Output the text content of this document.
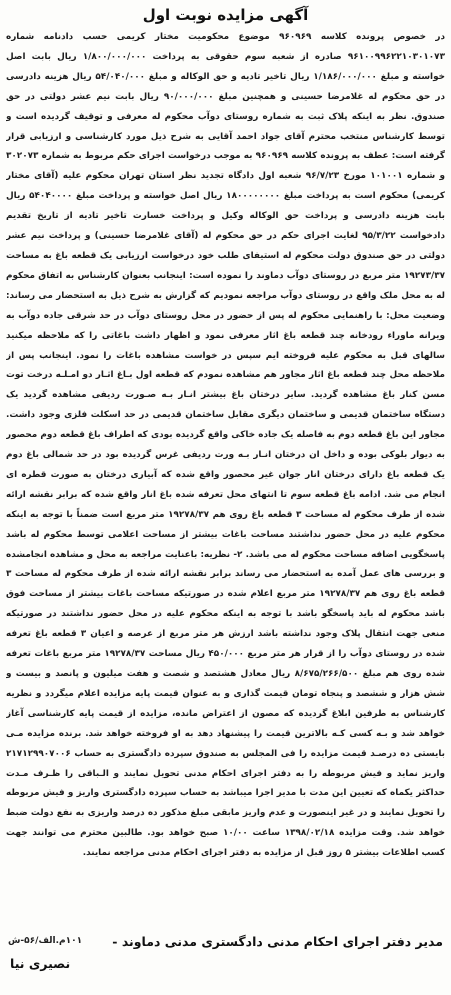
آگهی مزایده نوبت اول

در خصوص پرونده کلاسه ۹۶۰۹۶۹ موضوع محکومیت مختار کریمی حسب دادنامه شماره ۹۶۱۰۰۹۹۶۲۲۱۰۳۰۱۰۷۳ صادره از شعبه سوم حقوقی به پرداخت ۱/۸۰۰/۰۰۰/۰۰۰ ریال بابت اصل خواسته و مبلغ ۱/۱۸۶/۰۰۰/۰۰۰ ریال تاخیر تادیه و حق الوکاله و مبلغ ۵۴/۰۴۰/۰۰۰ ریال هزینه دادرسی در حق محکوم له غلامرضا حسینی و همچنین مبلغ ۹۰/۰۰۰/۰۰۰ ریال بابت نیم عشر دولتی در حق صندوق. نظر به اینکه پلاک ثبت به شماره روستای دوآب محکوم له معرفی و توقیف گردیده است و توسط کارشناس منتخب محترم آقای جواد احمد آقایی به شرح ذیل مورد کارشناسی و ارزیابی قرار گرفته است: عطف به پرونده کلاسه ۹۶۰۹۶۹ به موجب درخواست اجرای حکم مربوط به شماره ۳۰۲۰۷۳ و شماره ۱۰۱۰۰۱ مورخ ۹۶/۷/۲۳ شعبه اول دادگاه تجدید نظر استان تهران محکوم علیه (آقای مختار کریمی) محکوم است به پرداخت مبلغ ۱۸۰۰۰۰۰۰۰۰ ریال اصل خواسته و پرداخت مبلغ ۵۴۰۴۰۰۰۰ ریال بابت هزینه دادرسی و پرداخت حق الوکاله وکیل و پرداخت خسارت تاخیر تادیه از تاریخ تقدیم دادخواست ۹۵/۳/۲۲ لغایت اجرای حکم در حق محکوم له (آقای غلامرضا حسینی) و پرداخت نیم عشر دولتی در حق صندوق دولت محکوم له استیفای طلب خود درخواست ارزیابی یک قطعه باغ به مساحت ۱۹۲۷۳/۳۷ متر مربع در روستای دوآب دماوند را نموده است: اینجانب بعنوان کارشناس به اتفاق محکوم له به محل ملک واقع در روستای دوآب مراجعه نمودیم که گزارش به شرح ذیل به استحضار می رساند: وضعیت محل: با راهنمایی محکوم له پس از حضور در محل روستای دوآب در حد شرقی جاده دوآب به ویرانه ماوراء رودخانه چند قطعه باغ اثار معرفی نمود و اظهار داشت باغاتی را که ملاحظه میکنید سالهای قبل به محکوم علیه فروخته ایم سپس در خواست مشاهده باغات را نمود. اینجانب پس از ملاحظه محل چند قطعه باغ اثار مجاور هم مشاهده نمودم که قطعه اول بـاغ اثـار دو امـلـه درخت توت مسن کنار باغ مشاهده گردید. سایر درختان باغ بیشتر انـار بـه صـورت ردیفی مشاهده گردید یک دستگاه ساختمان قدیمی و ساختمان دیگری مقابل ساختمان قدیمی در حد اسکلت فلزی وجود داشت. مجاور این باغ قطعه دوم به فاصله یک جاده خاکی واقع گردیده بودی که اطراف باغ قطعه دوم محصور به دیوار بلوکی بوده و داخل ان درختان انـار بـه ورت ردیفی غرس گردیده بود در حد شمالی باغ دوم یک قطعه باغ دارای درختان انار جوان غیر محصور واقع شده که آبیاری درختان به صورت قطره ای انجام می شد. ادامه باغ قطعه سوم تا انتهای محل تعرفه شده باغ انار واقع شده که برابر نقشه ارائه شده از طرف محکوم له مساحت ۳ قطعه باغ روی هم ۱۹۲۷۸/۳۷ متر مربع است ضمناً با توجه به اینکه محکوم علیه در محل حضور نداشتند مساحت باغات بیشتر از مساحت اعلامی توسط محکوم له باشد پاسخگویی اضافه مساحت محکوم له می باشد. ۲- نظریه: باعنایت مراجعه به محل و مشاهده انجامشده و بررسی های عمل آمده به استحضار می رساند برابر نقشه ارائه شده از طرف محکوم له مساحت ۳ قطعه باغ روی هم ۱۹۲۷۸/۳۷ متر مربع اعلام شده در صورتیکه مساحت باغات بیشتر از مساحت فوق باشد محکوم له باید پاسخگو باشد با توجه به اینکه محکوم علیه در محل حضور نداشتند در صورتیکه منعی جهت انتقال پلاک وجود نداشته باشد ارزش هر متر مربع از عرصه و اعیان ۳ قطعه باغ تعرفه شده در روستای دوآب را از قرار هر متر مربع ۴۵۰/۰۰۰ ریال مساحت ۱۹۲۷۸/۳۷ متر مربع باغات تعرفه شده روی هم مبلغ ۸/۶۷۵/۲۶۶/۵۰۰ ریال معادل هشتصد و شصت و هفت میلیون و پانصد و بیست و شش هزار و ششصد و پنجاه تومان قیمت گذاری و به عنوان قیمت پایه مزایده اعلام میگردد و نظریه کارشناس به طرفین ابلاغ گردیده که مصون از اعتراض مانده، مزایده از قیمت پایه کارشناسی آغاز خواهد شد و بـه کسی کـه بالاترین قیمت را پیشنهاد دهد به او فروخته خواهد شد. برنده مزایده مـی بایستی ده درصـد قیمت مزایده را فی المجلس به صندوق سپرده دادگستری به حساب ۲۱۷۱۲۹۹۰۷۰۰۶ واریز نماید و فیش مربوطه را به دفتر اجرای احکام مدنی تحویل نمایند و الـباقی را ظـرف مـدت حداکثر یکماه که تعیین این مدت با مدیر اجرا میباشد به حساب سپرده دادگستری واریز و فیش مربوطه را تحویل نمایند و در غیر اینصورت و عدم واریز مابقی مبلغ مذکور ده درصد واریزی به نفع دولت ضبط خواهد شد. وقت مزایده ۱۳۹۸/۰۲/۱۸ ساعت ۱۰/۰۰ صبح خواهد بود. طالبین محترم می توانند جهت کسب اطلاعات بیشتر ۵ روز قبل از مزایده به دفتر اجرای احکام مدنی مراجعه نمایند.

مدیر دفتر اجرای احکام مدنی دادگستری مدنی دماوند -
۱۰۱م.الف/۵۶-ش
نصیری نیا
